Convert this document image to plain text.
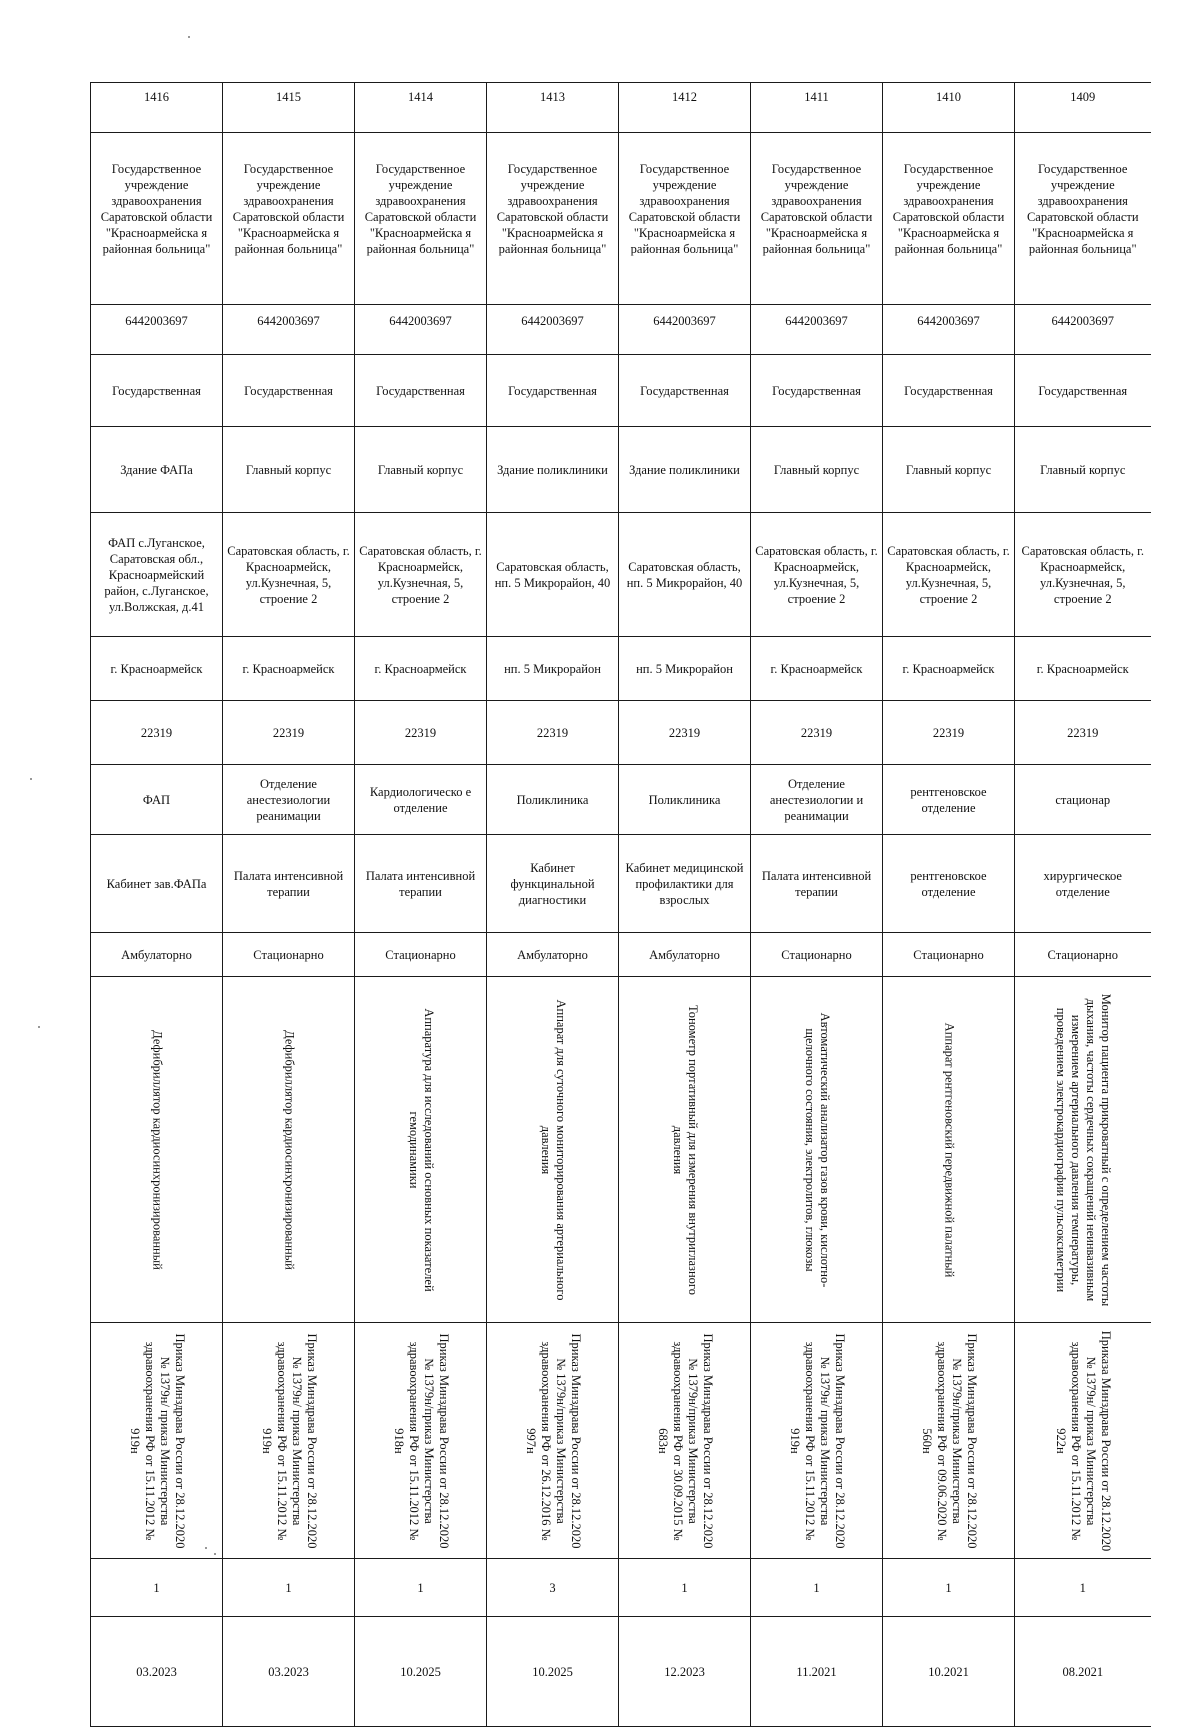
1416	1415	1414	1413	1412	1411	1410	1409
Государственное учреждение здравоохранения Саратовской области "Красноармейска я районная больница"	Государственное учреждение здравоохранения Саратовской области "Красноармейска я районная больница"	Государственное учреждение здравоохранения Саратовской области "Красноармейска я районная больница"	Государственное учреждение здравоохранения Саратовской области "Красноармейска я районная больница"	Государственное учреждение здравоохранения Саратовской области "Красноармейска я районная больница"	Государственное учреждение здравоохранения Саратовской области "Красноармейска я районная больница"	Государственное учреждение здравоохранения Саратовской области "Красноармейска я районная больница"	Государственное учреждение здравоохранения Саратовской области "Красноармейска я районная больница"
6442003697	6442003697	6442003697	6442003697	6442003697	6442003697	6442003697	6442003697
Государственная	Государственная	Государственная	Государственная	Государственная	Государственная	Государственная	Государственная
Здание ФАПа	Главный корпус	Главный корпус	Здание поликлиники	Здание поликлиники	Главный корпус	Главный корпус	Главный корпус
ФАП с.Луганское, Саратовская обл., Красноармейский район, с.Луганское, ул.Волжская, д.41	Саратовская область, г. Красноармейск, ул.Кузнечная, 5, строение 2	Саратовская область, г. Красноармейск, ул.Кузнечная, 5, строение 2	Саратовская область, нп. 5 Микрорайон, 40	Саратовская область, нп. 5 Микрорайон, 40	Саратовская область, г. Красноармейск, ул.Кузнечная, 5, строение 2	Саратовская область, г. Красноармейск, ул.Кузнечная, 5, строение 2	Саратовская область, г. Красноармейск, ул.Кузнечная, 5, строение 2
г. Красноармейск	г. Красноармейск	г. Красноармейск	нп. 5 Микрорайон	нп. 5 Микрорайон	г. Красноармейск	г. Красноармейск	г. Красноармейск
22319	22319	22319	22319	22319	22319	22319	22319
ФАП	Отделение анестезиологии реанимации	Кардиологическо е отделение	Поликлиника	Поликлиника	Отделение анестезиологии и реанимации	рентгеновское отделение	стационар
Кабинет зав.ФАПа	Палата интенсивной терапии	Палата интенсивной терапии	Кабинет функцинальной диагностики	Кабинет медицинской профилактики для взрослых	Палата интенсивной терапии	рентгеновское отделение	хирургическое отделение
Амбулаторно	Стационарно	Стационарно	Амбулаторно	Амбулаторно	Стационарно	Стационарно	Стационарно

Дефибриллятор кардиосинхронизированный	Дефибриллятор кардиосинхронизированный	Аппаратура для исследований основных показателей гемодинамики	Аппарат для суточного мониторирования артериального давления	Тонометр портативный для измерения внутриглазного давления	Автоматический анализатор газов крови, кислотно-щелочного состояния, электролитов, глюкозы	Аппарат рентгеновский передвижной палатный	Монитор пациента прикроватный с определением частоты дыхания, частоты сердечных сокращений неинвазивным измерением артериального давления температуры, проведением электрокардиографии пульсоксиметрии

Приказ Минздрава России от 28.12.2020 № 1379н/ приказ Министерства здравоохранения РФ от 15.11.2012 № 919н	Приказ Минздрава России от 28.12.2020 № 1379н/ приказ Министерства здравоохранения РФ от 15.11.2012 № 919н	Приказ Минздрава России от 28.12.2020 № 1379н/приказ Министерства здравоохранения РФ от 15.11.2012 № 918н	Приказ Минздрава России от 28.12.2020 № 1379н/приказ Министерства здравоохранения РФ от 26.12.2016 № 997н	Приказ Минздрава России от 28.12.2020 № 1379н/приказ Министерства здравоохранения РФ от 30.09.2015 № 683н	Приказ Минздрава России от 28.12.2020 № 1379н/ приказ Министерства здравоохранения РФ от 15.11.2012 № 919н	Приказ Минздрава России от 28.12.2020 № 1379н/приказ Министерства здравоохранения РФ от 09.06.2020 № 560н	Приказа Минздрава России от 28.12.2020 № 1379н/ приказ Министерства здравоохранения РФ от 15.11.2012 № 922н

1	1	1	3	1	1	1	1
03.2023	03.2023	10.2025	10.2025	12.2023	11.2021	10.2021	08.2021
